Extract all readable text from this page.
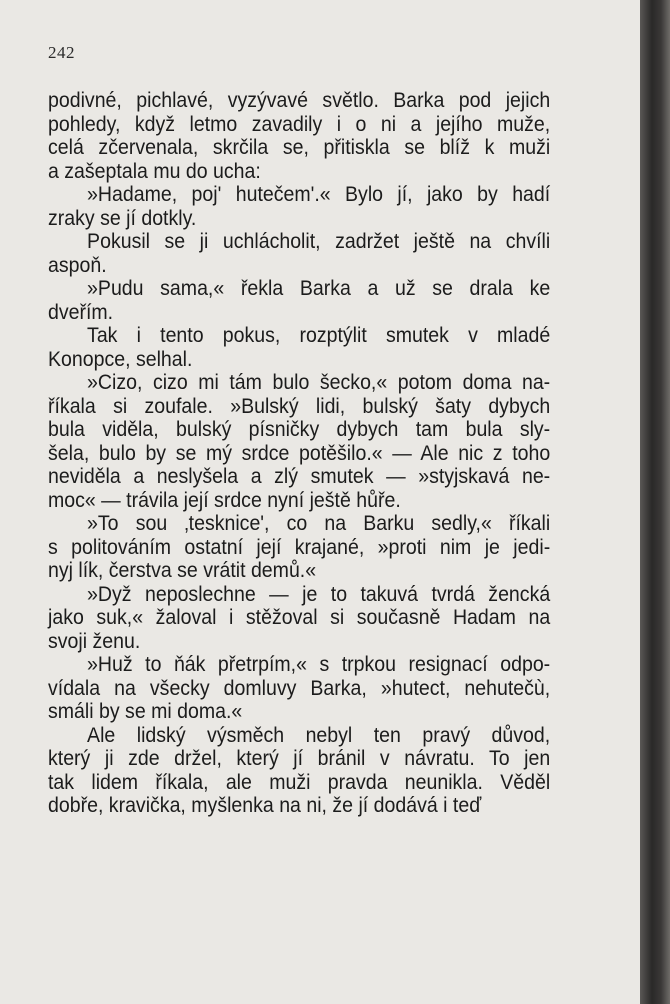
242
podivné, pichlavé, vyzývavé světlo. Barka pod jejich
pohledy, když letmo zavadily i o ni a jejího muže,
celá zčervenala, skrčila se, přitiskla se blíž k muži
a zašeptala mu do ucha:
»Hadame, poj' hutečem'.« Bylo jí, jako by hadí
zraky se jí dotkly.
Pokusil se ji uchlácholit, zadržet ještě na chvíli
aspoň.
»Pudu sama,« řekla Barka a už se drala ke
dveřím.
Tak i tento pokus, rozptýlit smutek v mladé
Konopce, selhal.
»Cizo, cizo mi tám bulo šecko,« potom doma na-
říkala si zoufale. »Bulský lidi, bulský šaty dybych
bula viděla, bulský písničky dybych tam bula sly-
šela, bulo by se mý srdce potěšilo.« — Ale nic z toho
neviděla a neslyšela a zlý smutek — »styjskavá ne-
moc« — trávila její srdce nyní ještě hůře.
»To sou ‚tesknice', co na Barku sedly,« říkali
s politováním ostatní její krajané, »proti nim je jedi-
nyj lík, čerstva se vrátit demů.«
»Dyž neposlechne — je to takuvá tvrdá žencká
jako suk,« žaloval i stěžoval si současně Hadam na
svoji ženu.
»Huž to ňák přetrpím,« s trpkou resignací odpo-
vídala na všecky domluvy Barka, »hutect, nehutečù,
smáli by se mi doma.«
Ale lidský výsměch nebyl ten pravý důvod,
který ji zde držel, který jí bránil v návratu. To jen
tak lidem říkala, ale muži pravda neunikla. Věděl
dobře, kravička, myšlenka na ni, že jí dodává i teď
